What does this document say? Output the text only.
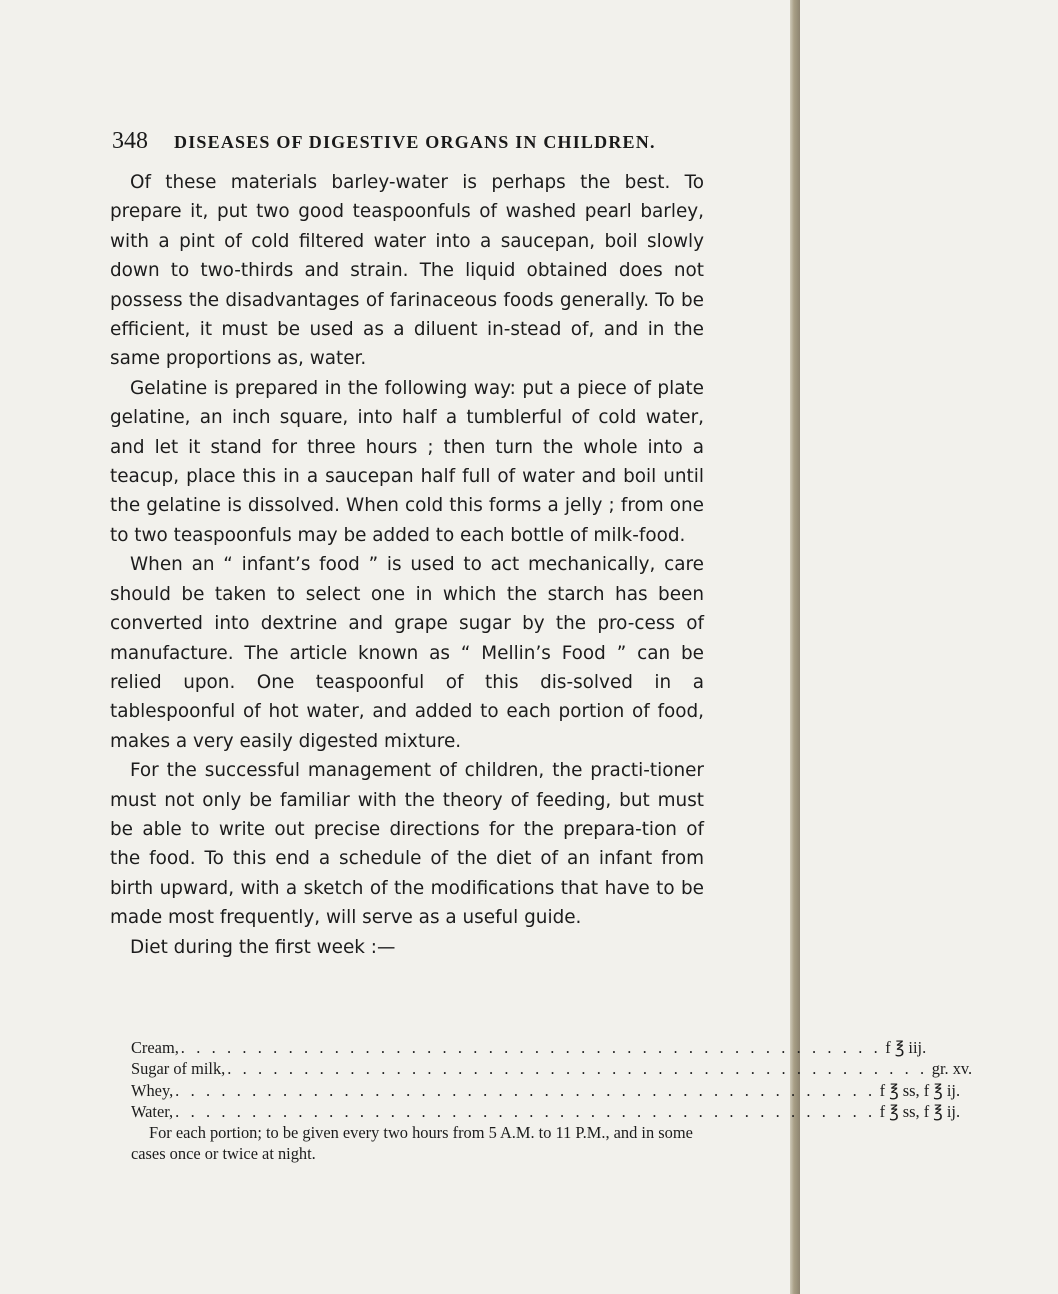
348 DISEASES OF DIGESTIVE ORGANS IN CHILDREN.

Of these materials barley-water is perhaps the best. To prepare it, put two good teaspoonfuls of washed pearl barley, with a pint of cold filtered water into a saucepan, boil slowly down to two-thirds and strain. The liquid obtained does not possess the disadvantages of farinaceous foods generally. To be efficient, it must be used as a diluent in-stead of, and in the same proportions as, water.

Gelatine is prepared in the following way: put a piece of plate gelatine, an inch square, into half a tumblerful of cold water, and let it stand for three hours ; then turn the whole into a teacup, place this in a saucepan half full of water and boil until the gelatine is dissolved. When cold this forms a jelly ; from one to two teaspoonfuls may be added to each bottle of milk-food.

When an “ infant’s food ” is used to act mechanically, care should be taken to select one in which the starch has been converted into dextrine and grape sugar by the pro-cess of manufacture. The article known as “ Mellin’s Food ” can be relied upon. One teaspoonful of this dis-solved in a tablespoonful of hot water, and added to each portion of food, makes a very easily digested mixture.

For the successful management of children, the practi-tioner must not only be familiar with the theory of feeding, but must be able to write out precise directions for the prepara-tion of the food. To this end a schedule of the diet of an infant from birth upward, with a sketch of the modifications that have to be made most frequently, will serve as a useful guide.

Diet during the first week :—

Cream, . . . . . . . . . . . . . . . . . . . . . . . . . . . . . . . . . . . . . . . . . . . . . . f ℥ iij.
Sugar of milk, . . . . . . . . . . . . . . . . . . . . . . . . . . . . . . . . . . . . . . . . . . . . . . gr. xv.
Whey, . . . . . . . . . . . . . . . . . . . . . . . . . . . . . . . . . . . . . . . . . . . . . . f ℥ ss, f ℥ ij.
Water, . . . . . . . . . . . . . . . . . . . . . . . . . . . . . . . . . . . . . . . . . . . . . . f ℥ ss, f ℥ ij.

For each portion; to be given every two hours from 5 A.M. to 11 P.M., and in some cases once or twice at night.
